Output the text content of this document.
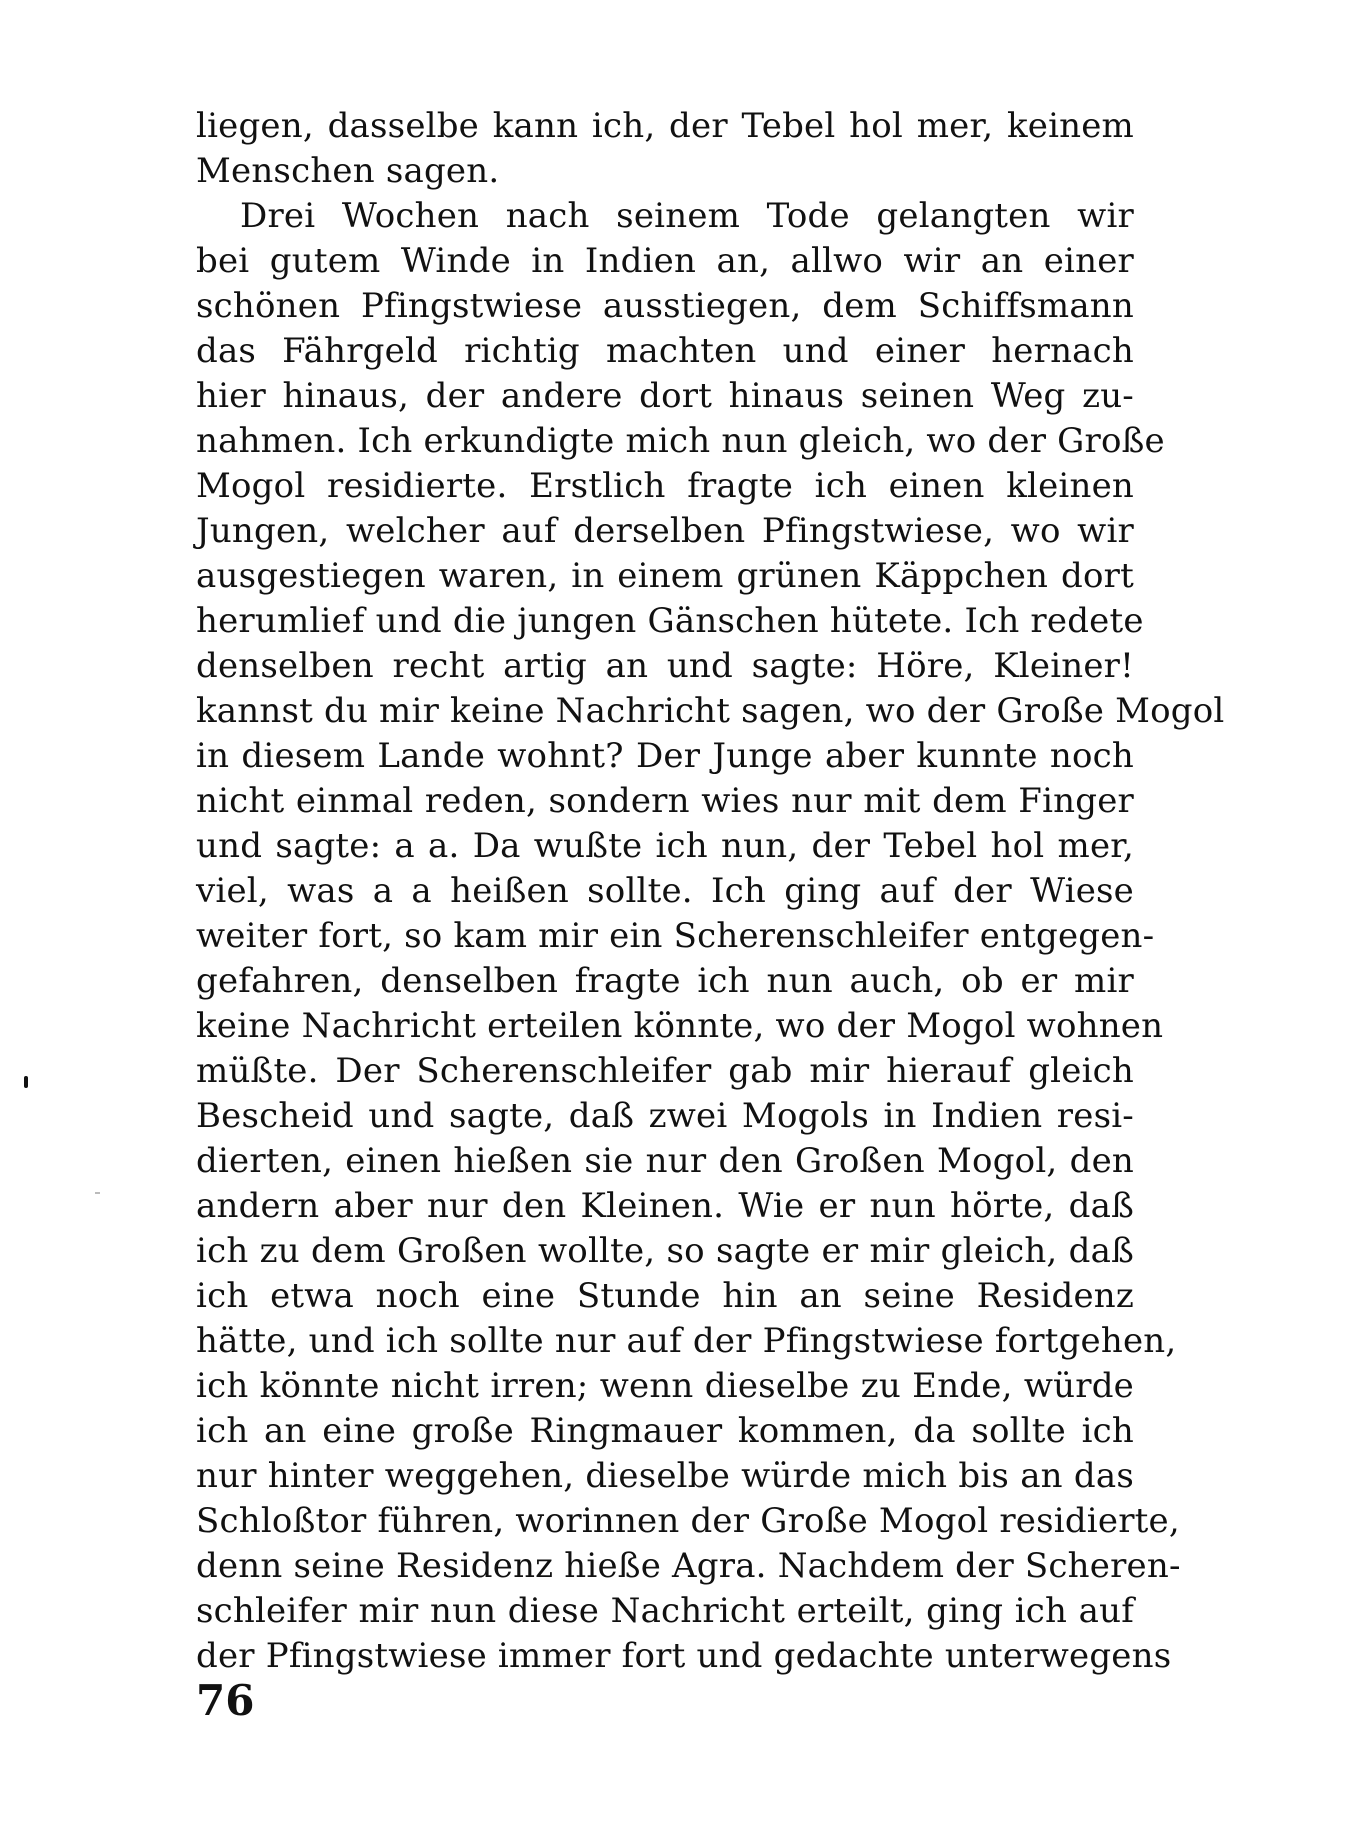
liegen, dasselbe kann ich, der Tebel hol mer, keinem
Menschen sagen.
Drei Wochen nach seinem Tode gelangten wir
bei gutem Winde in Indien an, allwo wir an einer
schönen Pfingstwiese ausstiegen, dem Schiffsmann
das Fährgeld richtig machten und einer hernach
hier hinaus, der andere dort hinaus seinen Weg zu-
nahmen. Ich erkundigte mich nun gleich, wo der Große
Mogol residierte. Erstlich fragte ich einen kleinen
Jungen, welcher auf derselben Pfingstwiese, wo wir
ausgestiegen waren, in einem grünen Käppchen dort
herumlief und die jungen Gänschen hütete. Ich redete
denselben recht artig an und sagte: Höre, Kleiner!
kannst du mir keine Nachricht sagen, wo der Große Mogol
in diesem Lande wohnt? Der Junge aber kunnte noch
nicht einmal reden, sondern wies nur mit dem Finger
und sagte: a a. Da wußte ich nun, der Tebel hol mer,
viel, was a a heißen sollte. Ich ging auf der Wiese
weiter fort, so kam mir ein Scherenschleifer entgegen-
gefahren, denselben fragte ich nun auch, ob er mir
keine Nachricht erteilen könnte, wo der Mogol wohnen
müßte. Der Scherenschleifer gab mir hierauf gleich
Bescheid und sagte, daß zwei Mogols in Indien resi-
dierten, einen hießen sie nur den Großen Mogol, den
andern aber nur den Kleinen. Wie er nun hörte, daß
ich zu dem Großen wollte, so sagte er mir gleich, daß
ich etwa noch eine Stunde hin an seine Residenz
hätte, und ich sollte nur auf der Pfingstwiese fortgehen,
ich könnte nicht irren; wenn dieselbe zu Ende, würde
ich an eine große Ringmauer kommen, da sollte ich
nur hinter weggehen, dieselbe würde mich bis an das
Schloßtor führen, worinnen der Große Mogol residierte,
denn seine Residenz hieße Agra. Nachdem der Scheren-
schleifer mir nun diese Nachricht erteilt, ging ich auf
der Pfingstwiese immer fort und gedachte unterwegens
76
